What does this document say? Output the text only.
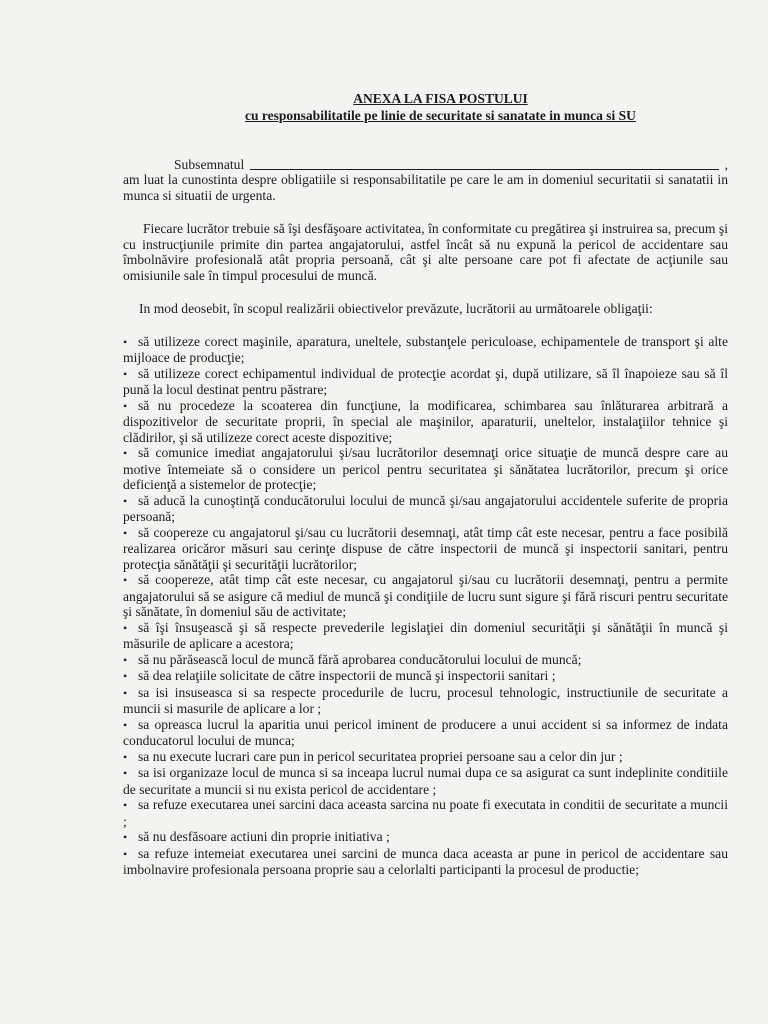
ANEXA LA FISA POSTULUI
cu responsabilitatile pe linie de securitate si sanatate in munca si SU
Subsemnatul	,

am luat la cunostinta despre obligatiile si responsabilitatile pe care le am in domeniul securitatii si sanatatii in munca si situatii de urgenta.

Fiecare lucrător trebuie să îşi desfăşoare activitatea, în conformitate cu pregătirea şi instruirea sa, precum şi cu instrucţiunile primite din partea angajatorului, astfel încât să nu expună la pericol de accidentare sau îmbolnăvire profesională atât propria persoană, cât şi alte persoane care pot fi afectate de acţiunile sau omisiunile sale în timpul procesului de muncă.

In mod deosebit, în scopul realizării obiectivelor prevăzute, lucrătorii au următoarele obligaţii:

• să utilizeze corect maşinile, aparatura, uneltele, substanţele periculoase, echipamentele de transport şi alte mijloace de producţie;
• să utilizeze corect echipamentul individual de protecţie acordat şi, după utilizare, să îl înapoieze sau să îl pună la locul destinat pentru păstrare;
• să nu procedeze la scoaterea din funcţiune, la modificarea, schimbarea sau înlăturarea arbitrară a dispozitivelor de securitate proprii, în special ale maşinilor, aparaturii, uneltelor, instalaţiilor tehnice şi clădirilor, şi să utilizeze corect aceste dispozitive;
• să comunice imediat angajatorului şi/sau lucrătorilor desemnaţi orice situaţie de muncă despre care au motive întemeiate să o considere un pericol pentru securitatea şi sănătatea lucrătorilor, precum şi orice deficienţă a sistemelor de protecţie;
• să aducă la cunoştinţă conducătorului locului de muncă şi/sau angajatorului accidentele suferite de propria persoană;
• să coopereze cu angajatorul şi/sau cu lucrătorii desemnaţi, atât timp cât este necesar, pentru a face posibilă realizarea oricăror măsuri sau cerinţe dispuse de către inspectorii de muncă şi inspectorii sanitari, pentru protecţia sănătăţii şi securităţii lucrătorilor;
• să coopereze, atât timp cât este necesar, cu angajatorul şi/sau cu lucrătorii desemnaţi, pentru a permite angajatorului să se asigure că mediul de muncă şi condiţiile de lucru sunt sigure şi fără riscuri pentru securitate şi sănătate, în domeniul său de activitate;
• să îşi însuşească şi să respecte prevederile legislaţiei din domeniul securităţii şi sănătăţii în muncă şi măsurile de aplicare a acestora;
• să nu părăsească locul de muncă fără aprobarea conducătorului locului de muncă;
• să dea relaţiile solicitate de către inspectorii de muncă şi inspectorii sanitari ;
• sa isi insuseasca si sa respecte procedurile de lucru, procesul tehnologic, instructiunile de securitate a muncii si masurile de aplicare a lor ;
• sa opreasca lucrul la aparitia unui pericol iminent de producere a unui accident si sa informez de indata conducatorul locului de munca;
• sa nu execute lucrari care pun in pericol securitatea propriei persoane sau a celor din jur ;
• sa isi organizaze locul de munca si sa inceapa lucrul numai dupa ce sa asigurat ca sunt indeplinite conditiile de securitate a muncii si nu exista pericol de accidentare ;
• sa refuze executarea unei sarcini daca aceasta sarcina nu poate fi executata in conditii de securitate a muncii ;
• să nu desfăsoare actiuni din proprie initiativa ;
• sa refuze intemeiat executarea unei sarcini de munca daca aceasta ar pune in pericol de accidentare sau imbolnavire profesionala persoana proprie sau a celorlalti participanti la procesul de productie;
